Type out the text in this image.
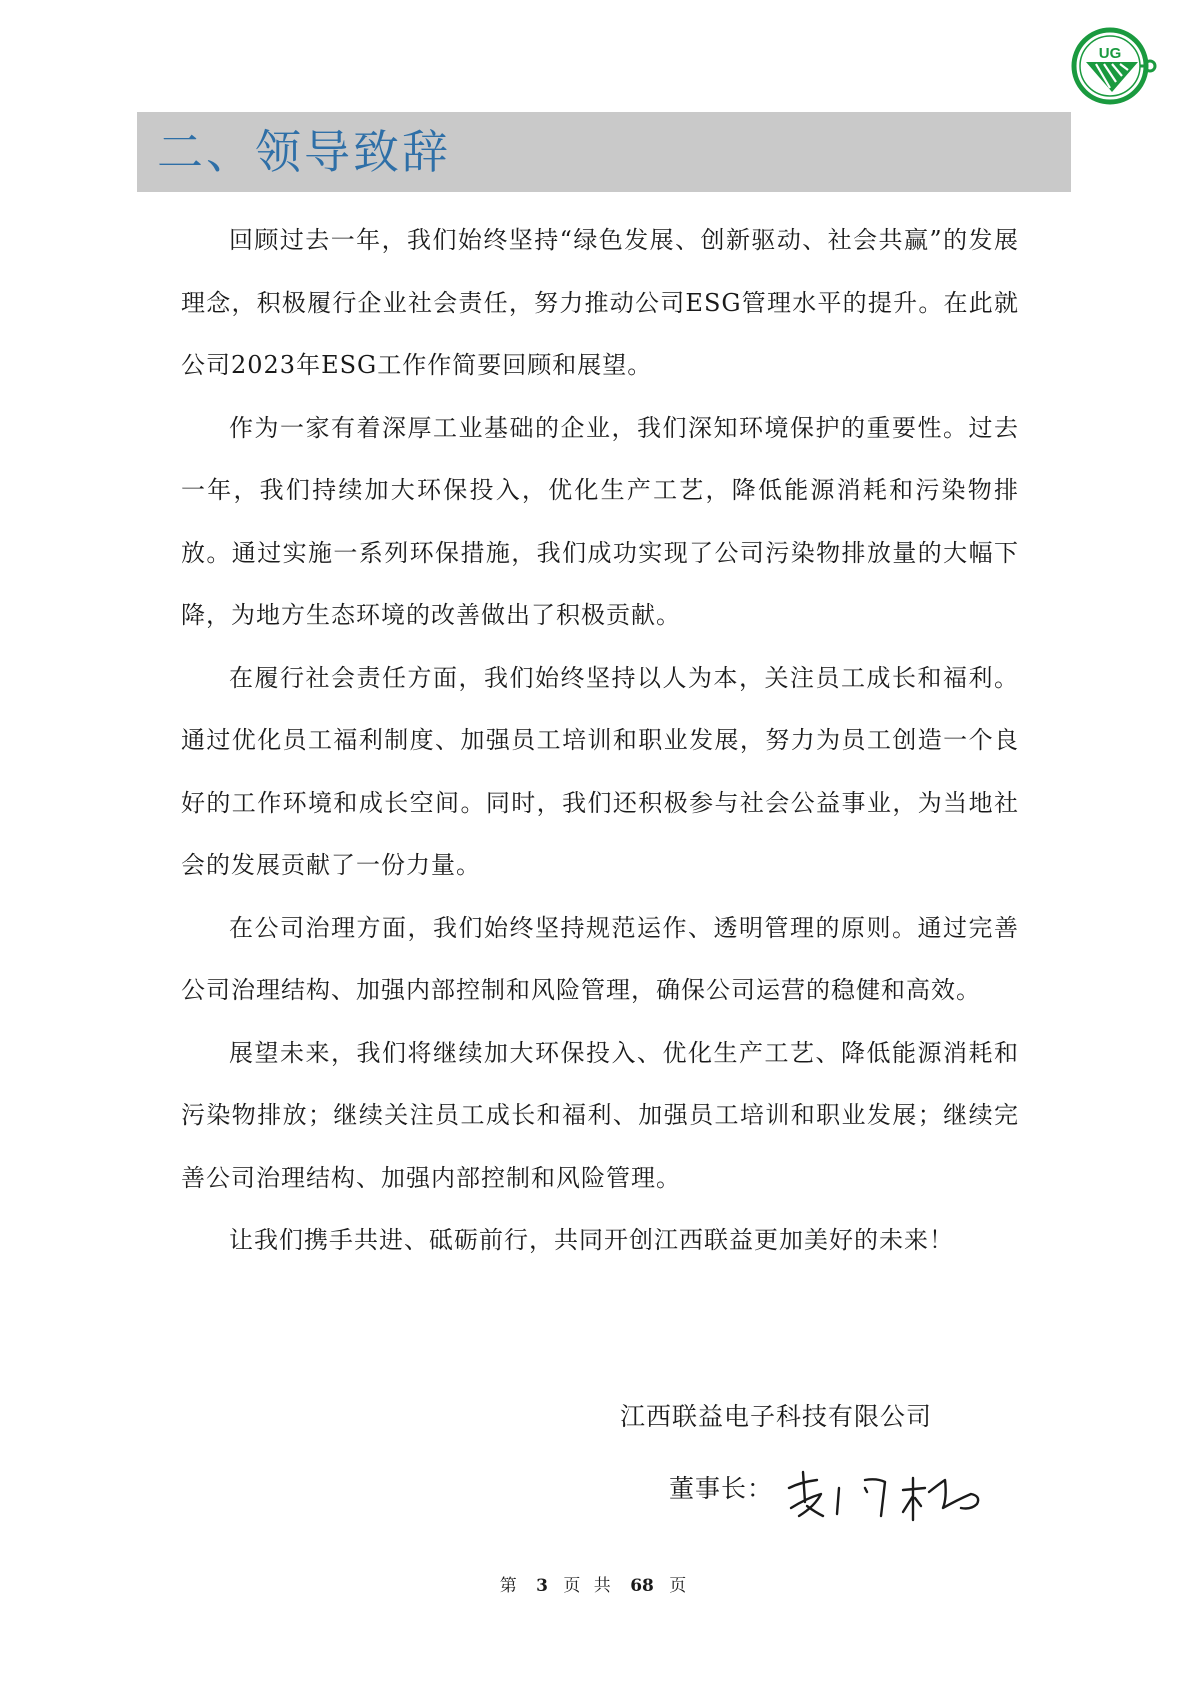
UG
二、领导致辞

回顾过去一年，我们始终坚持“绿色发展、创新驱动、社会共赢”的发展理念，积极履行企业社会责任，努力推动公司ESG管理水平的提升。在此就公司2023年ESG工作作简要回顾和展望。

作为一家有着深厚工业基础的企业，我们深知环境保护的重要性。过去一年，我们持续加大环保投入，优化生产工艺，降低能源消耗和污染物排放。通过实施一系列环保措施，我们成功实现了公司污染物排放量的大幅下降，为地方生态环境的改善做出了积极贡献。

在履行社会责任方面，我们始终坚持以人为本，关注员工成长和福利。通过优化员工福利制度、加强员工培训和职业发展，努力为员工创造一个良好的工作环境和成长空间。同时，我们还积极参与社会公益事业，为当地社会的发展贡献了一份力量。

在公司治理方面，我们始终坚持规范运作、透明管理的原则。通过完善公司治理结构、加强内部控制和风险管理，确保公司运营的稳健和高效。

展望未来，我们将继续加大环保投入、优化生产工艺、降低能源消耗和污染物排放；继续关注员工成长和福利、加强员工培训和职业发展；继续完善公司治理结构、加强内部控制和风险管理。

让我们携手共进、砥砺前行，共同开创江西联益更加美好的未来！

江西联益电子科技有限公司
董事长：
第 3 页 共 68 页
